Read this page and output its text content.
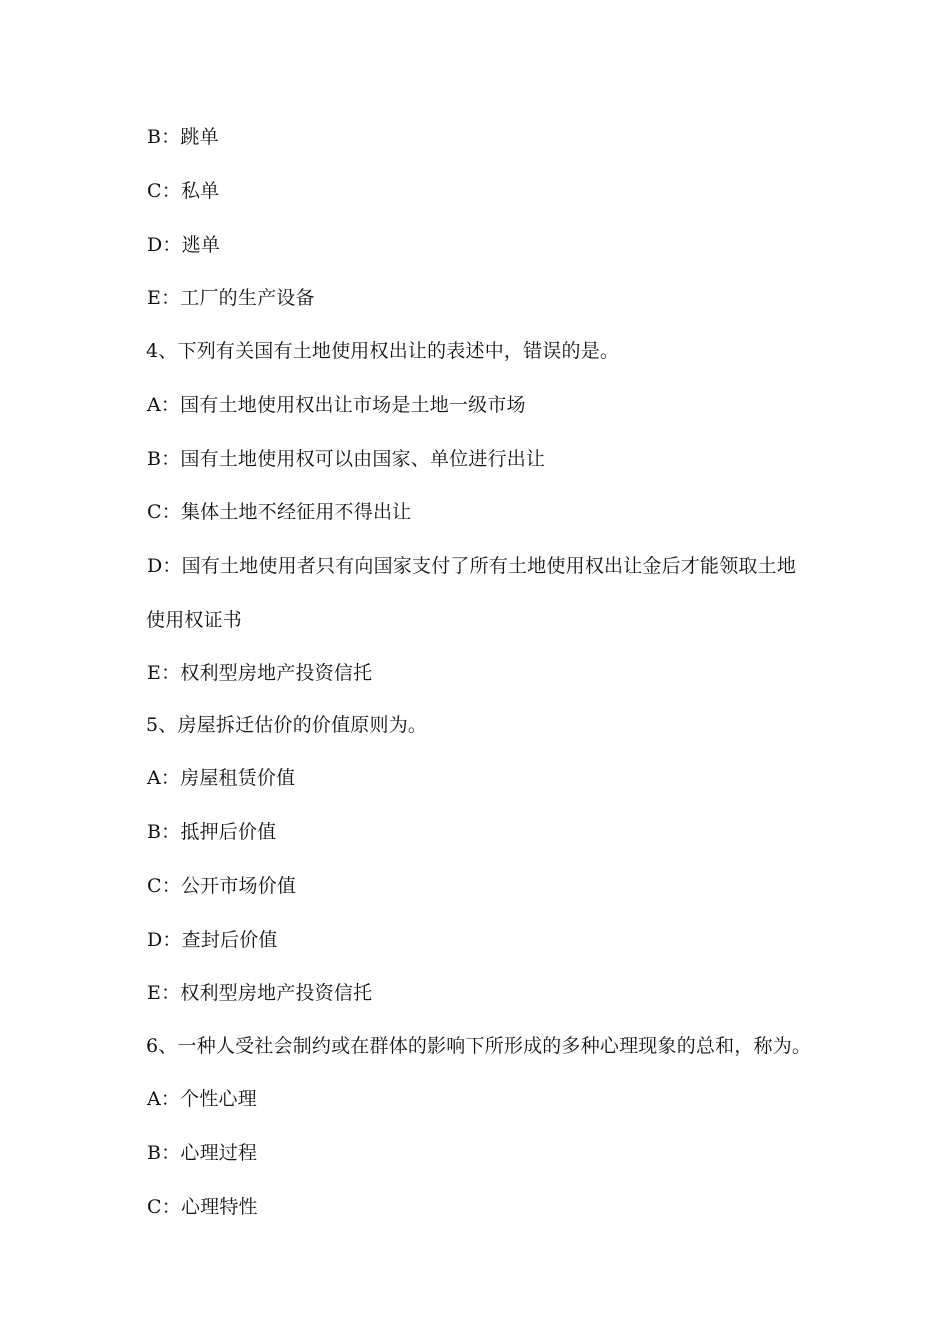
B：跳单
C：私单
D：逃单
E：工厂的生产设备
4、下列有关国有土地使用权出让的表述中，错误的是。
A：国有土地使用权出让市场是土地一级市场
B：国有土地使用权可以由国家、单位进行出让
C：集体土地不经征用不得出让
D：国有土地使用者只有向国家支付了所有土地使用权出让金后才能领取土地
使用权证书
E：权利型房地产投资信托
5、房屋拆迁估价的价值原则为。
A：房屋租赁价值
B：抵押后价值
C：公开市场价值
D：查封后价值
E：权利型房地产投资信托
6、一种人受社会制约或在群体的影响下所形成的多种心理现象的总和，称为。
A：个性心理
B：心理过程
C：心理特性
